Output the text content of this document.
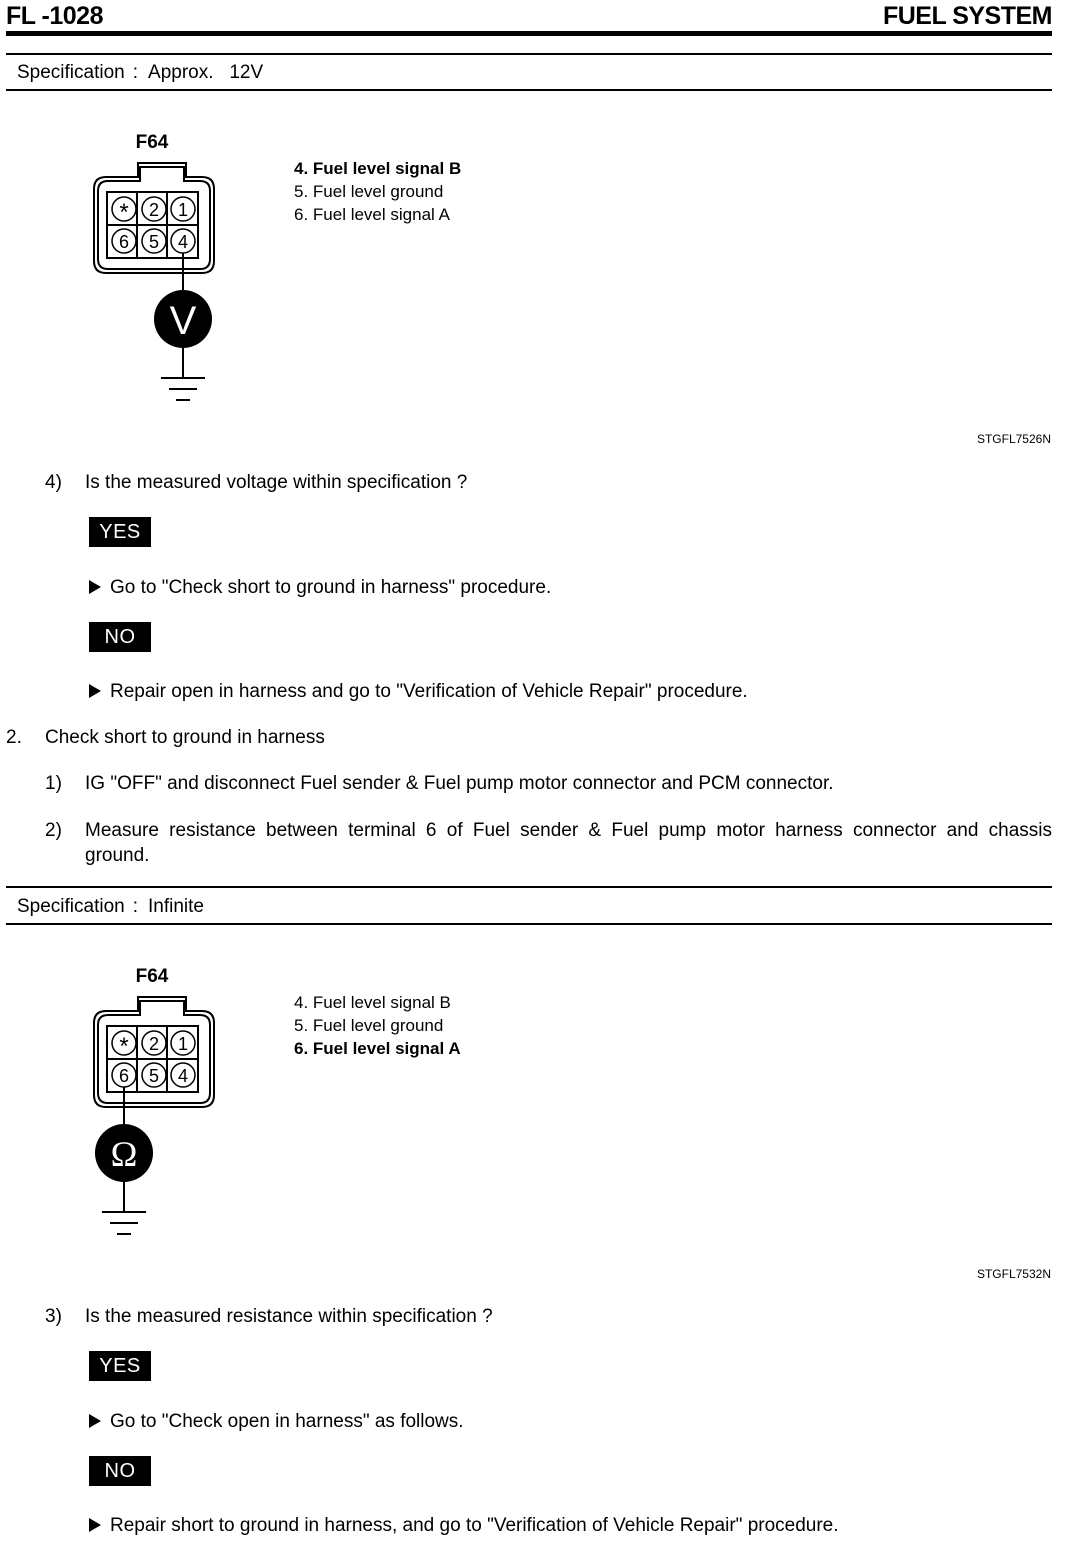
FL -1028	FUEL SYSTEM
Specification : Approx.   12V
F64
* 2 1
6 5 4
V
4. Fuel level signal B
5. Fuel level ground
6. Fuel level signal A
STGFL7526N
4)	Is the measured voltage within specification ?
YES
Go to "Check short to ground in harness" procedure.
NO
Repair open in harness and go to "Verification of Vehicle Repair" procedure.
2.	Check short to ground in harness
1)	IG "OFF" and disconnect Fuel sender & Fuel pump motor connector and PCM connector.
2)	Measure resistance between terminal 6 of Fuel sender & Fuel pump motor harness connector and chassis
ground.
Specification : Infinite
F64
* 2 1
6 5 4
Ω
4. Fuel level signal B
5. Fuel level ground
6. Fuel level signal A
STGFL7532N
3)	Is the measured resistance within specification ?
YES
Go to "Check open in harness" as follows.
NO
Repair short to ground in harness, and go to "Verification of Vehicle Repair" procedure.
